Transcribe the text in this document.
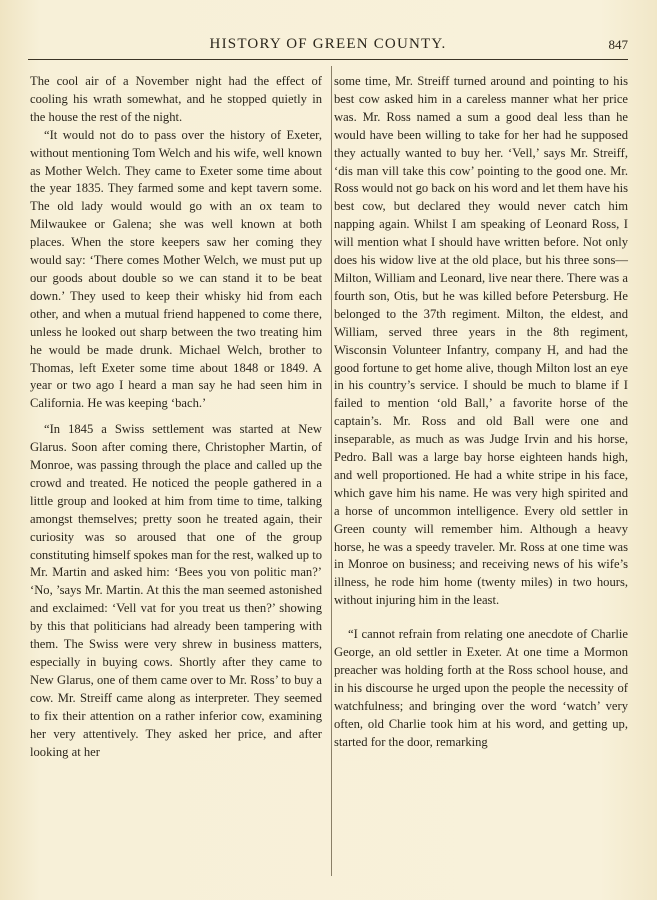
HISTORY OF GREEN COUNTY.	847

The cool air of a November night had the effect of cooling his wrath somewhat, and he stopped quietly in the house the rest of the night.

“It would not do to pass over the history of Exeter, without mentioning Tom Welch and his wife, well known as Mother Welch. They came to Exeter some time about the year 1835. They farmed some and kept tavern some. The old lady would would go with an ox team to Milwaukee or Galena; she was well known at both places. When the store keepers saw her coming they would say: ‘There comes Mother Welch, we must put up our goods about double so we can stand it to be beat down.’ They used to keep their whisky hid from each other, and when a mutual friend happened to come there, unless he looked out sharp between the two treating him he would be made drunk. Michael Welch, brother to Thomas, left Exeter some time about 1848 or 1849. A year or two ago I heard a man say he had seen him in California. He was keeping ‘bach.’

“In 1845 a Swiss settlement was started at New Glarus. Soon after coming there, Christopher Martin, of Monroe, was passing through the place and called up the crowd and treated. He noticed the people gathered in a little group and looked at him from time to time, talking amongst themselves; pretty soon he treated again, their curiosity was so aroused that one of the group constituting himself spokes man for the rest, walked up to Mr. Martin and asked him: ‘Bees you von politic man?’ ‘No, ’says Mr. Martin. At this the man seemed astonished and exclaimed: ‘Vell vat for you treat us then?’ showing by this that politicians had already been tampering with them. The Swiss were very shrew in business matters, especially in buying cows. Shortly after they came to New Glarus, one of them came over to Mr. Ross’ to buy a cow. Mr. Streiff came along as interpreter. They seemed to fix their attention on a rather inferior cow, examining her very attentively. They asked her price, and after looking at her

some time, Mr. Streiff turned around and pointing to his best cow asked him in a careless manner what her price was. Mr. Ross named a sum a good deal less than he would have been willing to take for her had he supposed they actually wanted to buy her. ‘Vell,’ says Mr. Streiff, ‘dis man vill take this cow’ pointing to the good one. Mr. Ross would not go back on his word and let them have his best cow, but declared they would never catch him napping again. Whilst I am speaking of Leonard Ross, I will mention what I should have written before. Not only does his widow live at the old place, but his three sons—Milton, William and Leonard, live near there. There was a fourth son, Otis, but he was killed before Petersburg. He belonged to the 37th regiment. Milton, the eldest, and William, served three years in the 8th regiment, Wisconsin Volunteer Infantry, company H, and had the good fortune to get home alive, though Milton lost an eye in his country’s service. I should be much to blame if I failed to mention ‘old Ball,’ a favorite horse of the captain’s. Mr. Ross and old Ball were one and inseparable, as much as was Judge Irvin and his horse, Pedro. Ball was a large bay horse eighteen hands high, and well proportioned. He had a white stripe in his face, which gave him his name. He was very high spirited and a horse of uncommon intelligence. Every old settler in Green county will remember him. Although a heavy horse, he was a speedy traveler. Mr. Ross at one time was in Monroe on business; and receiving news of his wife’s illness, he rode him home (twenty miles) in two hours, without injuring him in the least.

“I cannot refrain from relating one anecdote of Charlie George, an old settler in Exeter. At one time a Mormon preacher was holding forth at the Ross school house, and in his discourse he urged upon the people the necessity of watchfulness; and bringing over the word ‘watch’ very often, old Charlie took him at his word, and getting up, started for the door, remarking
